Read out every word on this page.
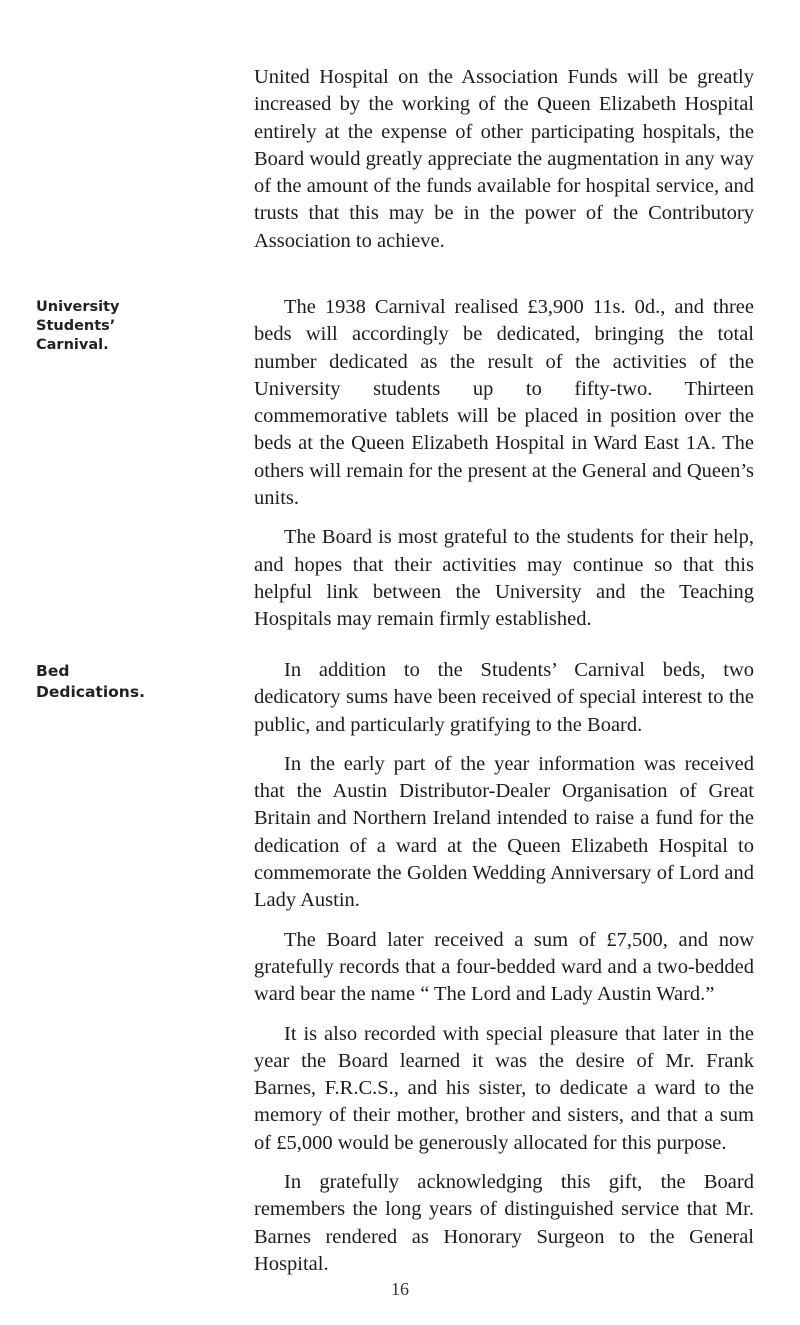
United Hospital on the Association Funds will be greatly increased by the working of the Queen Elizabeth Hospital entirely at the expense of other participating hospitals, the Board would greatly appreciate the augmentation in any way of the amount of the funds available for hospital service, and trusts that this may be in the power of the Contributory Association to achieve.

University
Students’
Carnival.

The 1938 Carnival realised £3,900 11s. 0d., and three beds will accordingly be dedicated, bringing the total number dedicated as the result of the activities of the University students up to fifty-two. Thirteen commemorative tablets will be placed in position over the beds at the Queen Elizabeth Hospital in Ward East 1A. The others will remain for the present at the General and Queen’s units.

The Board is most grateful to the students for their help, and hopes that their activities may continue so that this helpful link between the University and the Teaching Hospitals may remain firmly established.

Bed
Dedications.

In addition to the Students’ Carnival beds, two dedicatory sums have been received of special interest to the public, and particularly gratifying to the Board.

In the early part of the year information was received that the Austin Distributor-Dealer Organisation of Great Britain and Northern Ireland intended to raise a fund for the dedication of a ward at the Queen Elizabeth Hospital to commemorate the Golden Wedding Anniversary of Lord and Lady Austin.

The Board later received a sum of £7,500, and now gratefully records that a four-bedded ward and a two-bedded ward bear the name “ The Lord and Lady Austin Ward.”

It is also recorded with special pleasure that later in the year the Board learned it was the desire of Mr. Frank Barnes, F.R.C.S., and his sister, to dedicate a ward to the memory of their mother, brother and sisters, and that a sum of £5,000 would be generously allocated for this purpose.

In gratefully acknowledging this gift, the Board remembers the long years of distinguished service that Mr. Barnes rendered as Honorary Surgeon to the General Hospital.

16
